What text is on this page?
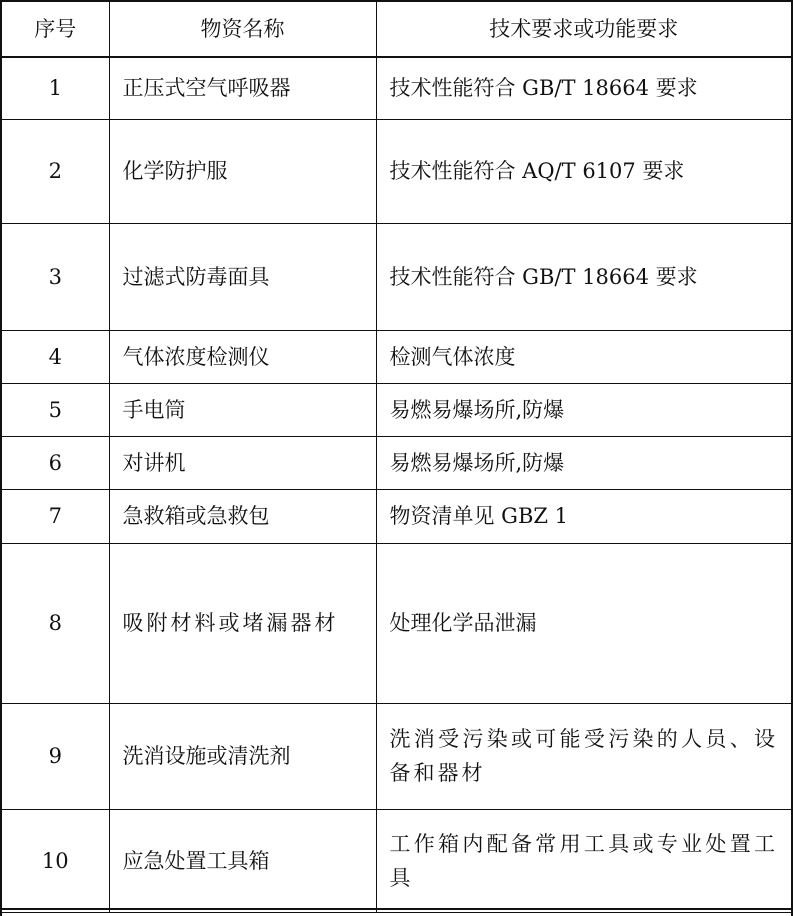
序号	物资名称	技术要求或功能要求
1	正压式空气呼吸器	技术性能符合 GB/T 18664 要求
2	化学防护服	技术性能符合 AQ/T 6107 要求
3	过滤式防毒面具	技术性能符合 GB/T 18664 要求
4	气体浓度检测仪	检测气体浓度
5	手电筒	易燃易爆场所,防爆
6	对讲机	易燃易爆场所,防爆
7	急救箱或急救包	物资清单见 GBZ 1
8	吸附材料或堵漏器材	处理化学品泄漏
9	洗消设施或清洗剂	洗消受污染或可能受污染的人员、设备和器材
10	应急处置工具箱	工作箱内配备常用工具或专业处置工具
